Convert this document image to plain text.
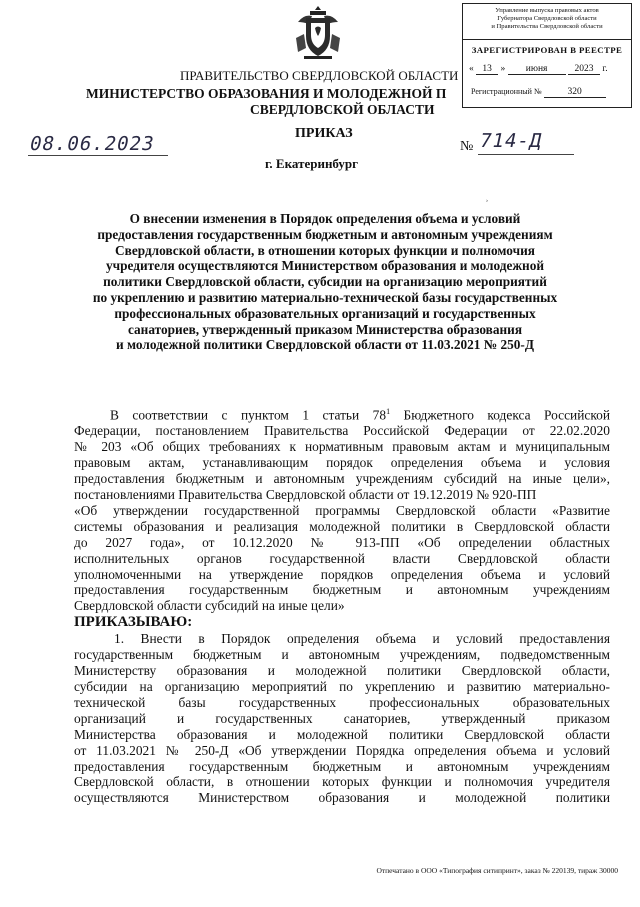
Управление выпуска правовых актов
Губернатора Свердловской области
и Правительства Свердловской области
ЗАРЕГИСТРИРОВАН В РЕЕСТРЕ
« 13 » июня	2023 г.
Регистрационный №	320
ПРАВИТЕЛЬСТВО СВЕРДЛОВСКОЙ ОБЛАСТИ
МИНИСТЕРСТВО ОБРАЗОВАНИЯ И МОЛОДЕЖНОЙ П
СВЕРДЛОВСКОЙ ОБЛАСТИ
08.06.2023	ПРИКАЗ
№ 714-Д
г. Екатеринбург
›
О внесении изменения в Порядок определения объема и условий
предоставления государственным бюджетным и автономным учреждениям
Свердловской области, в отношении которых функции и полномочия
учредителя осуществляются Министерством образования и молодежной
политики Свердловской области, субсидии на организацию мероприятий
по укреплению и развитию материально-технической базы государственных
профессиональных образовательных организаций и государственных
санаториев, утвержденный приказом Министерства образования
и молодежной политики Свердловской области от 11.03.2021 № 250-Д
В соответствии с пунктом 1 статьи $78^1$ Бюджетного кодекса Российской
Федерации, постановлением Правительства Российской Федерации от 22.02.2020
№ 203 «Об общих требованиях к нормативным правовым актам и муниципальным
правовым актам, устанавливающим порядок определения объема и условия
предоставления бюджетным и автономным учреждениям субсидий на иные цели»,
постановлениями Правительства Свердловской области от 19.12.2019 № 920-ПП
«Об утверждении государственной программы Свердловской области «Развитие
системы образования и реализация молодежной политики в Свердловской области
до 2027 года», от 10.12.2020 № 913-ПП «Об определении областных
исполнительных органов государственной власти Свердловской области
уполномоченными на утверждение порядков определения объема и условий
предоставления государственным бюджетным и автономным учреждениям
Свердловской области субсидий на иные цели»
ПРИКАЗЫВАЮ:
1. Внести в Порядок определения объема и условий предоставления
государственным бюджетным и автономным учреждениям, подведомственным
Министерству образования и молодежной политики Свердловской области,
субсидии на организацию мероприятий по укреплению и развитию материально-
технической базы государственных профессиональных образовательных
организаций и государственных санаториев, утвержденный приказом
Министерства образования и молодежной политики Свердловской области
от 11.03.2021 № 250-Д «Об утверждении Порядка определения объема и условий
предоставления государственным бюджетным и автономным учреждениям
Свердловской области, в отношении которых функции и полномочия учредителя
осуществляются Министерством образования и молодежной политики
Отпечатано в ООО «Типография ситипринт», заказ № 220139, тираж 30000
